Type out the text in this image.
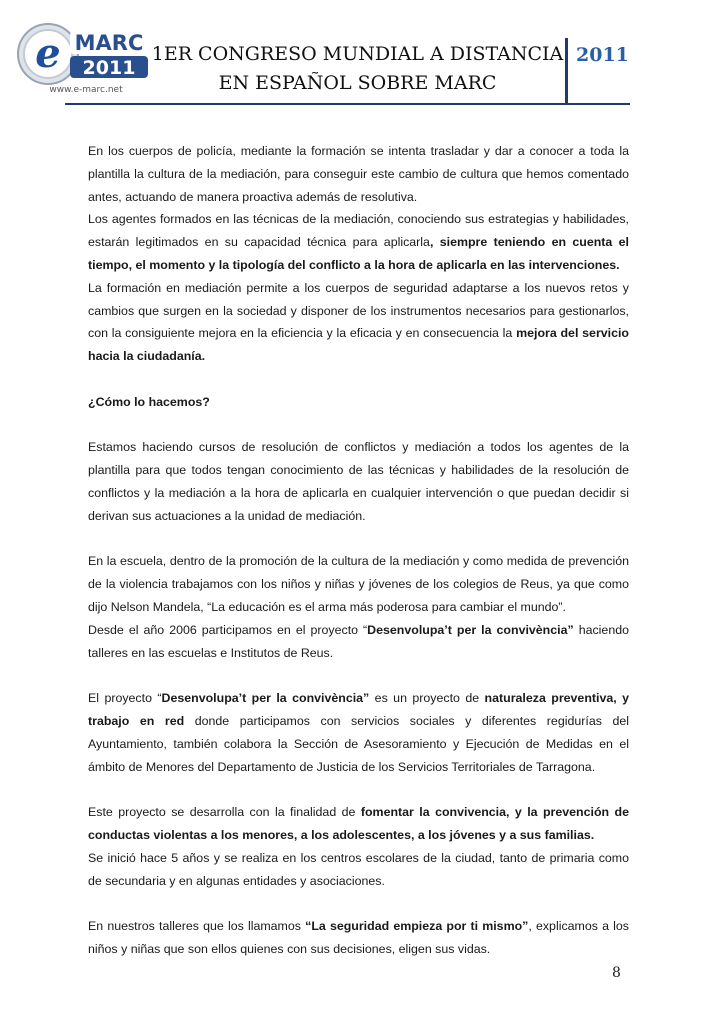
e MARC
2011
www.e-marc.net
1ER CONGRESO MUNDIAL A DISTANCIA
EN ESPAÑOL SOBRE MARC
2011

En los cuerpos de policía, mediante la formación se intenta trasladar y dar a conocer a toda la plantilla la cultura de la mediación, para conseguir este cambio de cultura que hemos comentado antes, actuando de manera proactiva además de resolutiva.

Los agentes formados en las técnicas de la mediación, conociendo sus estrategias y habilidades, estarán legitimados en su capacidad técnica para aplicarla, siempre teniendo en cuenta el tiempo, el momento y la tipología del conflicto a la hora de aplicarla en las intervenciones.

La formación en mediación permite a los cuerpos de seguridad adaptarse a los nuevos retos y cambios que surgen en la sociedad y disponer de los instrumentos necesarios para gestionarlos, con la consiguiente mejora en la eficiencia y la eficacia y en consecuencia la mejora del servicio hacia la ciudadanía.

¿Cómo lo hacemos?

Estamos haciendo cursos de resolución de conflictos y mediación a todos los agentes de la plantilla para que todos tengan conocimiento de las técnicas y habilidades de la resolución de conflictos y la mediación a la hora de aplicarla en cualquier intervención o que puedan decidir si derivan sus actuaciones a la unidad de mediación.

En la escuela, dentro de la promoción de la cultura de la mediación y como medida de prevención de la violencia trabajamos con los niños y niñas y jóvenes de los colegios de Reus, ya que como dijo Nelson Mandela, “La educación es el arma más poderosa para cambiar el mundo”.

Desde el año 2006 participamos en el proyecto “Desenvolupa’t per la convivència” haciendo talleres en las escuelas e Institutos de Reus.

El proyecto “Desenvolupa’t per la convivència” es un proyecto de naturaleza preventiva, y trabajo en red donde participamos con servicios sociales y diferentes regidurías del Ayuntamiento, también colabora la Sección de Asesoramiento y Ejecución de Medidas en el ámbito de Menores del Departamento de Justicia de los Servicios Territoriales de Tarragona.

Este proyecto se desarrolla con la finalidad de fomentar la convivencia, y la prevención de conductas violentas a los menores, a los adolescentes, a los jóvenes y a sus familias.

Se inició hace 5 años y se realiza en los centros escolares de la ciudad, tanto de primaria como de secundaria y en algunas entidades y asociaciones.

En nuestros talleres que los llamamos “La seguridad empieza por ti mismo”, explicamos a los niños y niñas que son ellos quienes con sus decisiones, eligen sus vidas.

8
